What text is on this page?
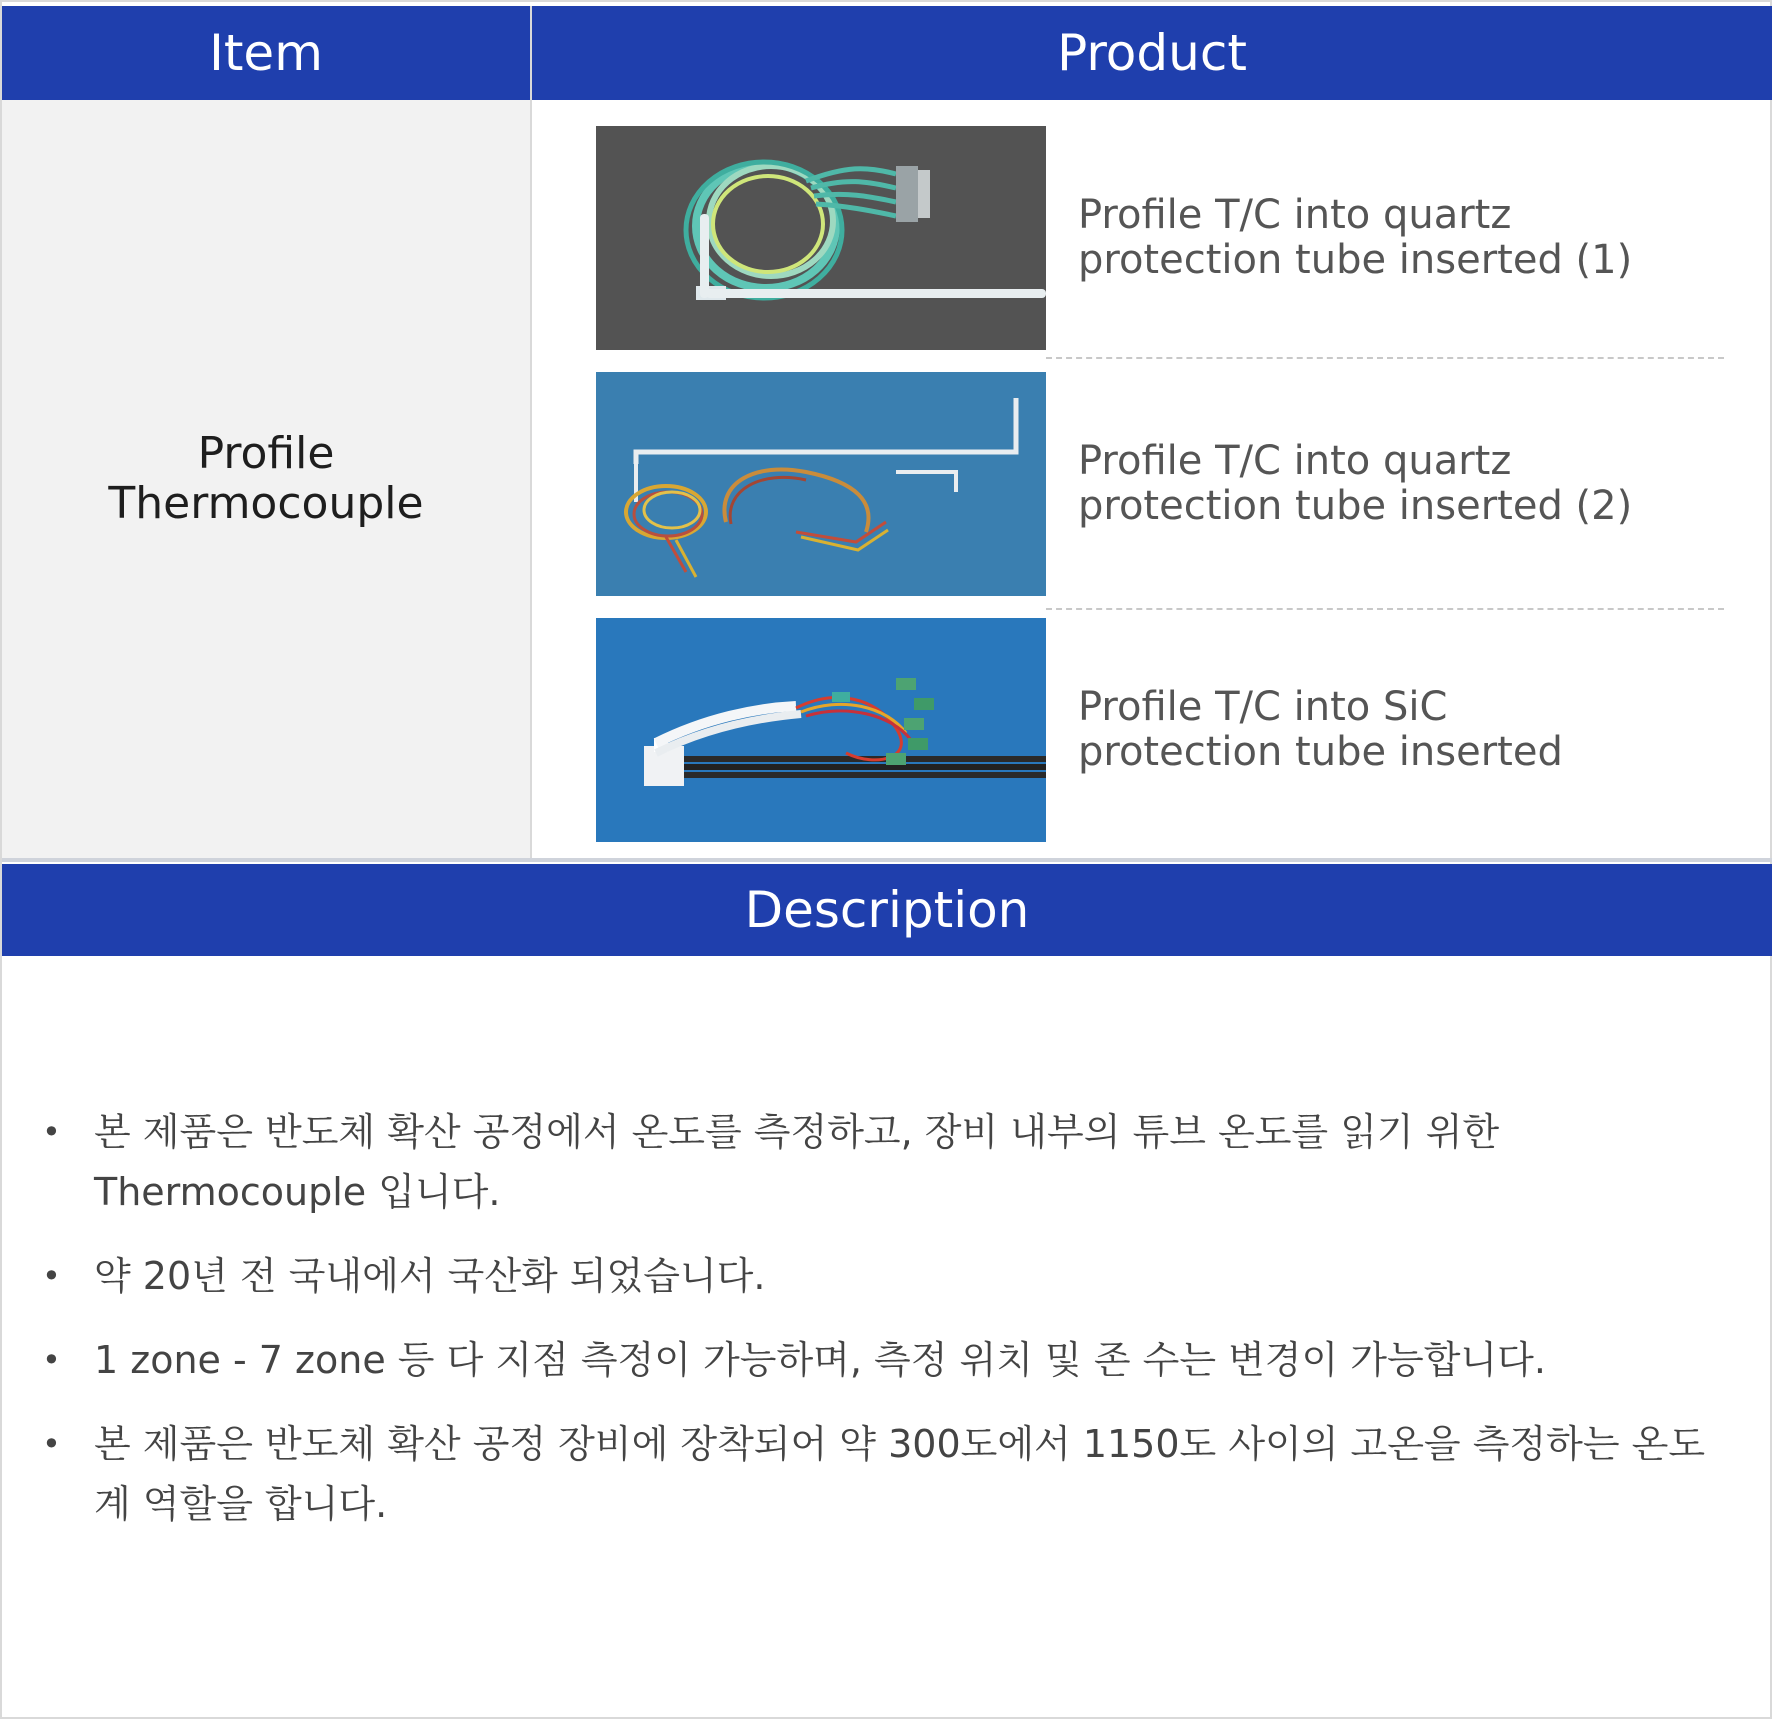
Item	Product
Profile
Thermocouple
Profile T/C into quartz
protection tube inserted (1)
Profile T/C into quartz
protection tube inserted (2)
Profile T/C into SiC
protection tube inserted
Description
• 본 제품은 반도체 확산 공정에서 온도를 측정하고, 장비 내부의 튜브 온도를 읽기 위한 Thermocouple 입니다.
• 약 20년 전 국내에서 국산화 되었습니다.
• 1 zone - 7 zone 등 다 지점 측정이 가능하며, 측정 위치 및 존 수는 변경이 가능합니다.
• 본 제품은 반도체 확산 공정 장비에 장착되어 약 300도에서 1150도 사이의 고온을 측정하는 온도계 역할을 합니다.
